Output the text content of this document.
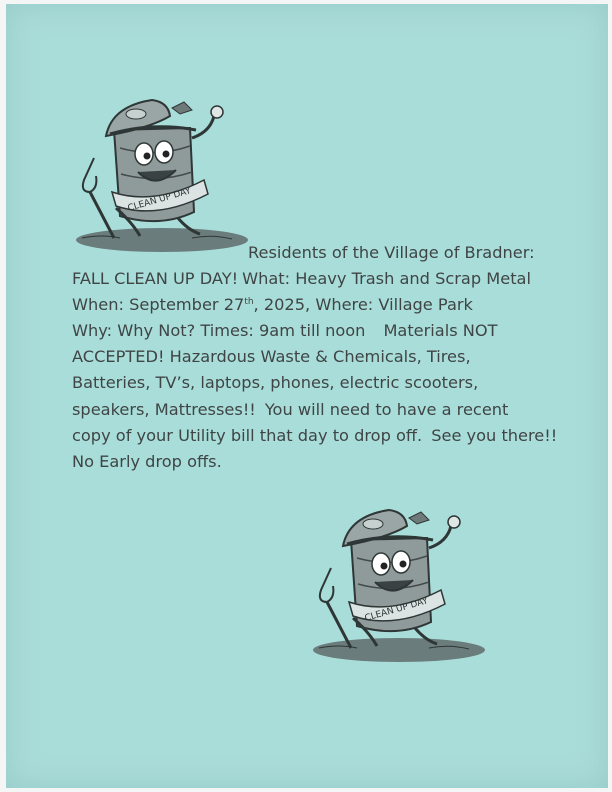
CLEAN UP DAY

Residents of the Village of Bradner:
FALL CLEAN UP DAY! What: Heavy Trash and Scrap Metal
When: September 27th, 2025, Where: Village Park
Why: Why Not? Times: 9am till noon Materials NOT
ACCEPTED! Hazardous Waste & Chemicals, Tires,
Batteries, TV’s, laptops, phones, electric scooters,
speakers, Mattresses!! You will need to have a recent
copy of your Utility bill that day to drop off. See you there!!
No Early drop offs.

CLEAN UP DAY
